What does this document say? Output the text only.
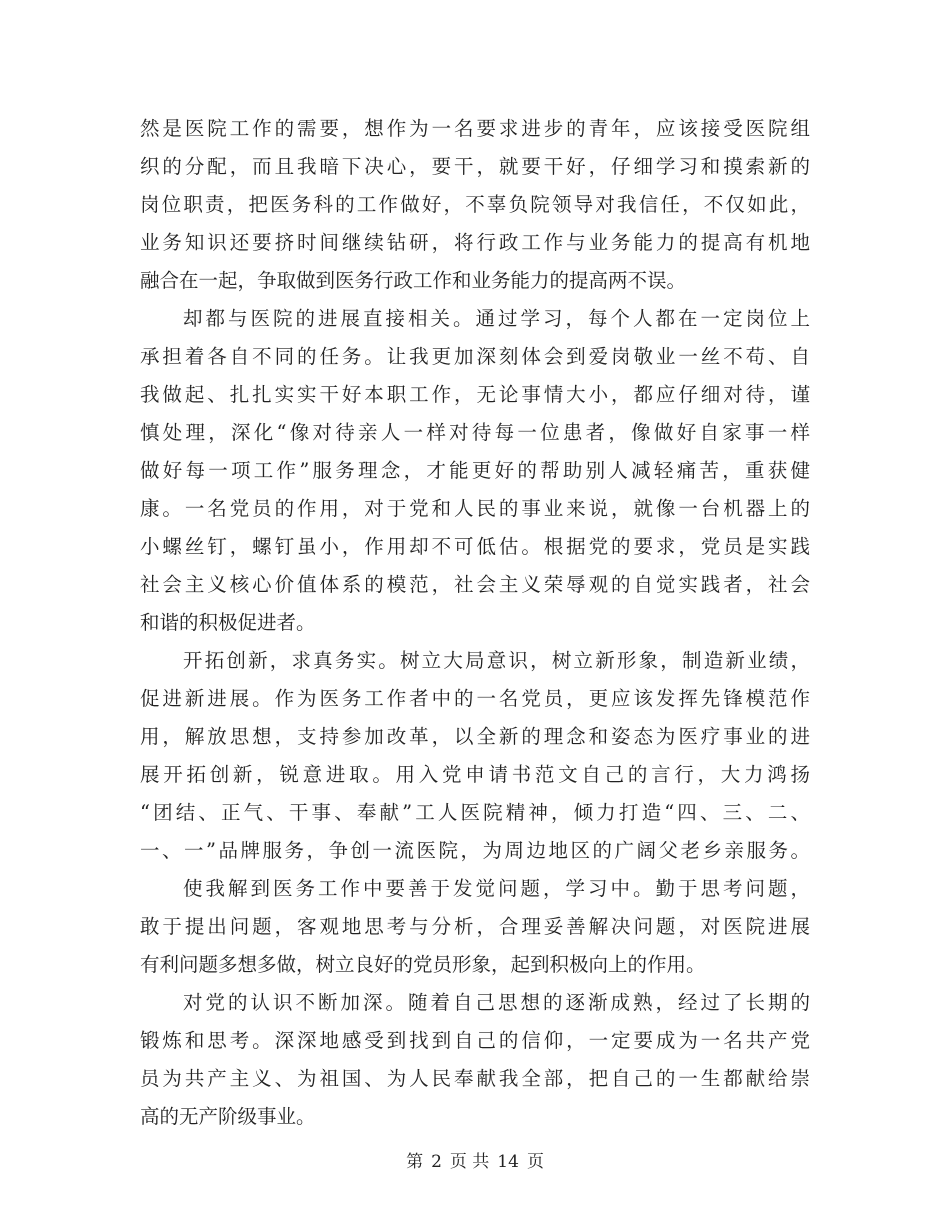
然是医院工作的需要，想作为一名要求进步的青年，应该接受医院组
织的分配，而且我暗下决心，要干，就要干好，仔细学习和摸索新的
岗位职责，把医务科的工作做好，不辜负院领导对我信任，不仅如此，
业务知识还要挤时间继续钻研，将行政工作与业务能力的提高有机地
融合在一起，争取做到医务行政工作和业务能力的提高两不误。
却都与医院的进展直接相关。通过学习，每个人都在一定岗位上
承担着各自不同的任务。让我更加深刻体会到爱岗敬业一丝不苟、自
我做起、扎扎实实干好本职工作，无论事情大小，都应仔细对待，谨
慎处理，深化“像对待亲人一样对待每一位患者，像做好自家事一样
做好每一项工作”服务理念，才能更好的帮助别人减轻痛苦，重获健
康。一名党员的作用，对于党和人民的事业来说，就像一台机器上的
小螺丝钉，螺钉虽小，作用却不可低估。根据党的要求，党员是实践
社会主义核心价值体系的模范，社会主义荣辱观的自觉实践者，社会
和谐的积极促进者。
开拓创新，求真务实。树立大局意识，树立新形象，制造新业绩，
促进新进展。作为医务工作者中的一名党员，更应该发挥先锋模范作
用，解放思想，支持参加改革，以全新的理念和姿态为医疗事业的进
展开拓创新，锐意进取。用入党申请书范文自己的言行，大力鸿扬
“团结、正气、干事、奉献”工人医院精神，倾力打造“四、三、二、
一、一”品牌服务，争创一流医院，为周边地区的广阔父老乡亲服务。
使我解到医务工作中要善于发觉问题，学习中。勤于思考问题，
敢于提出问题，客观地思考与分析，合理妥善解决问题，对医院进展
有利问题多想多做，树立良好的党员形象，起到积极向上的作用。
对党的认识不断加深。随着自己思想的逐渐成熟，经过了长期的
锻炼和思考。深深地感受到找到自己的信仰，一定要成为一名共产党
员为共产主义、为祖国、为人民奉献我全部，把自己的一生都献给崇
高的无产阶级事业。
第 2 页 共 14 页
